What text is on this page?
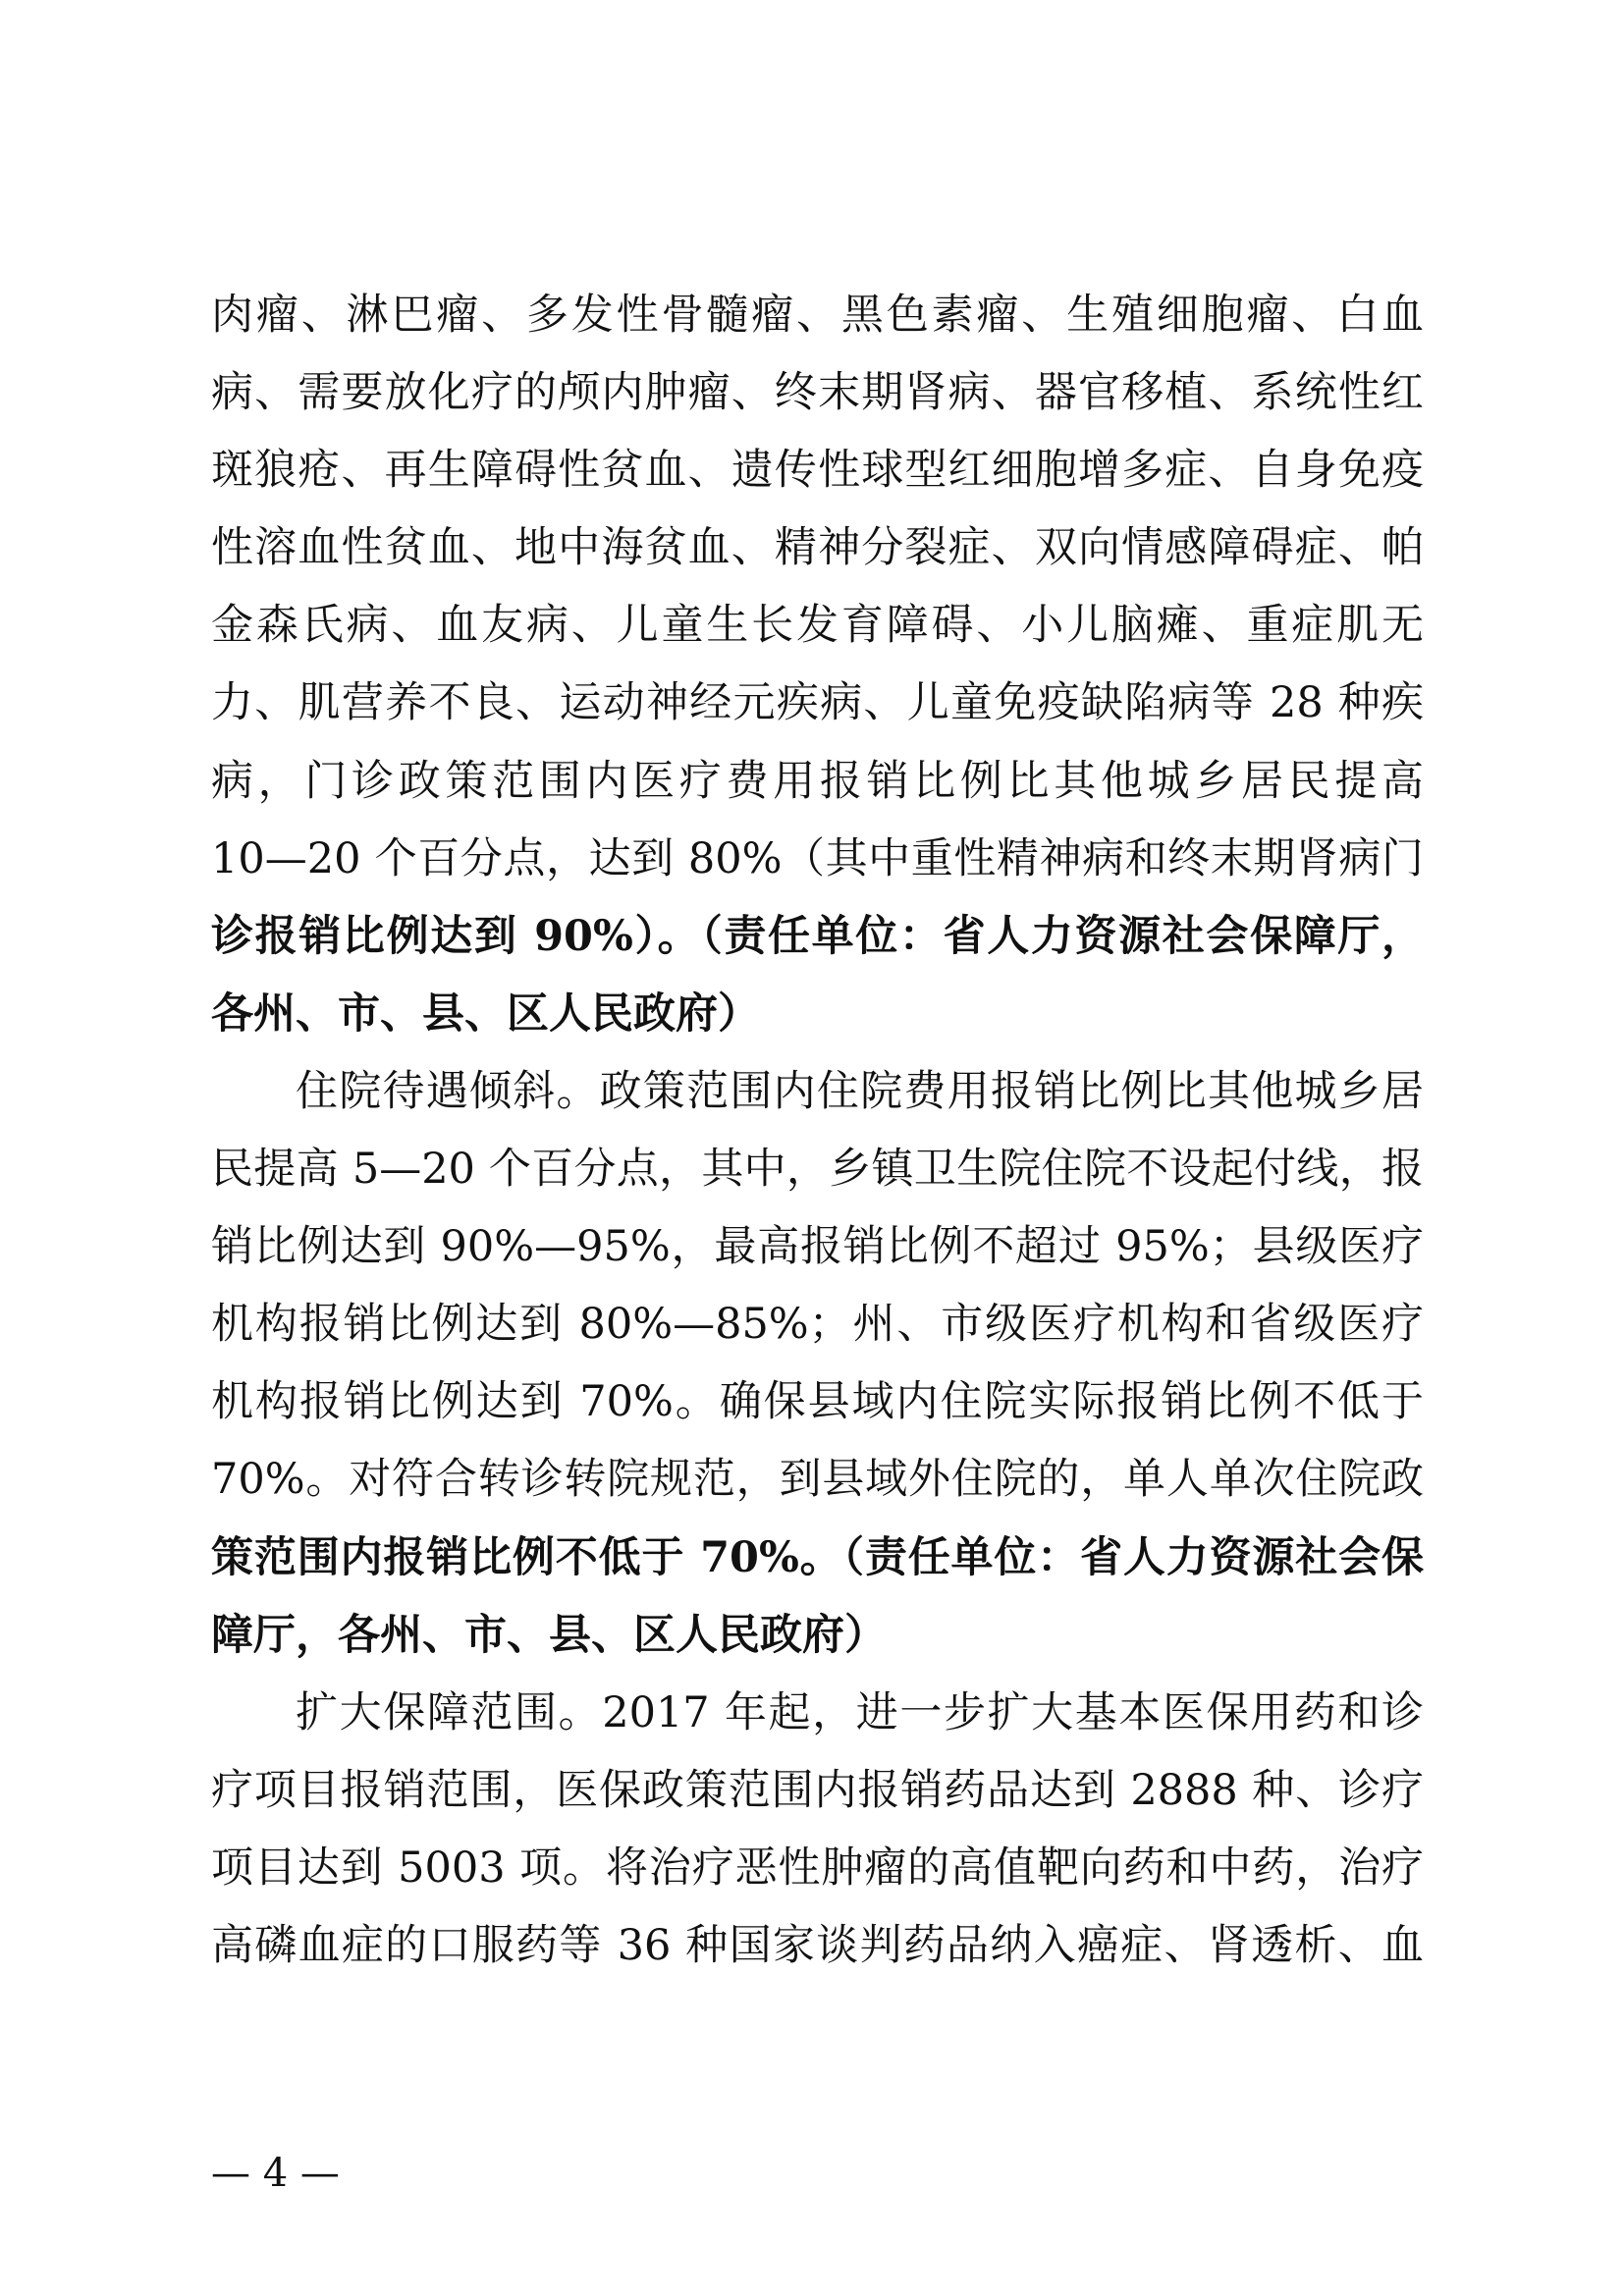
肉瘤、淋巴瘤、多发性骨髓瘤、黑色素瘤、生殖细胞瘤、白血
病、需要放化疗的颅内肿瘤、终末期肾病、器官移植、系统性红
斑狼疮、再生障碍性贫血、遗传性球型红细胞增多症、自身免疫
性溶血性贫血、地中海贫血、精神分裂症、双向情感障碍症、帕
金森氏病、血友病、儿童生长发育障碍、小儿脑瘫、重症肌无
力、肌营养不良、运动神经元疾病、儿童免疫缺陷病等 28 种疾
病，门诊政策范围内医疗费用报销比例比其他城乡居民提高
10—20 个百分点，达到 80%（其中重性精神病和终末期肾病门
诊报销比例达到 90%）。（责任单位：省人力资源社会保障厅，
各州、市、县、区人民政府）
住院待遇倾斜。政策范围内住院费用报销比例比其他城乡居
民提高 5—20 个百分点，其中，乡镇卫生院住院不设起付线，报
销比例达到 90%—95%，最高报销比例不超过 95%；县级医疗
机构报销比例达到 80%—85%；州、市级医疗机构和省级医疗
机构报销比例达到 70%。确保县域内住院实际报销比例不低于
70%。对符合转诊转院规范，到县域外住院的，单人单次住院政
策范围内报销比例不低于 70%。（责任单位：省人力资源社会保
障厅，各州、市、县、区人民政府）
扩大保障范围。2017 年起，进一步扩大基本医保用药和诊
疗项目报销范围，医保政策范围内报销药品达到 2888 种、诊疗
项目达到 5003 项。将治疗恶性肿瘤的高值靶向药和中药，治疗
高磷血症的口服药等 36 种国家谈判药品纳入癌症、肾透析、血
— 4 —
